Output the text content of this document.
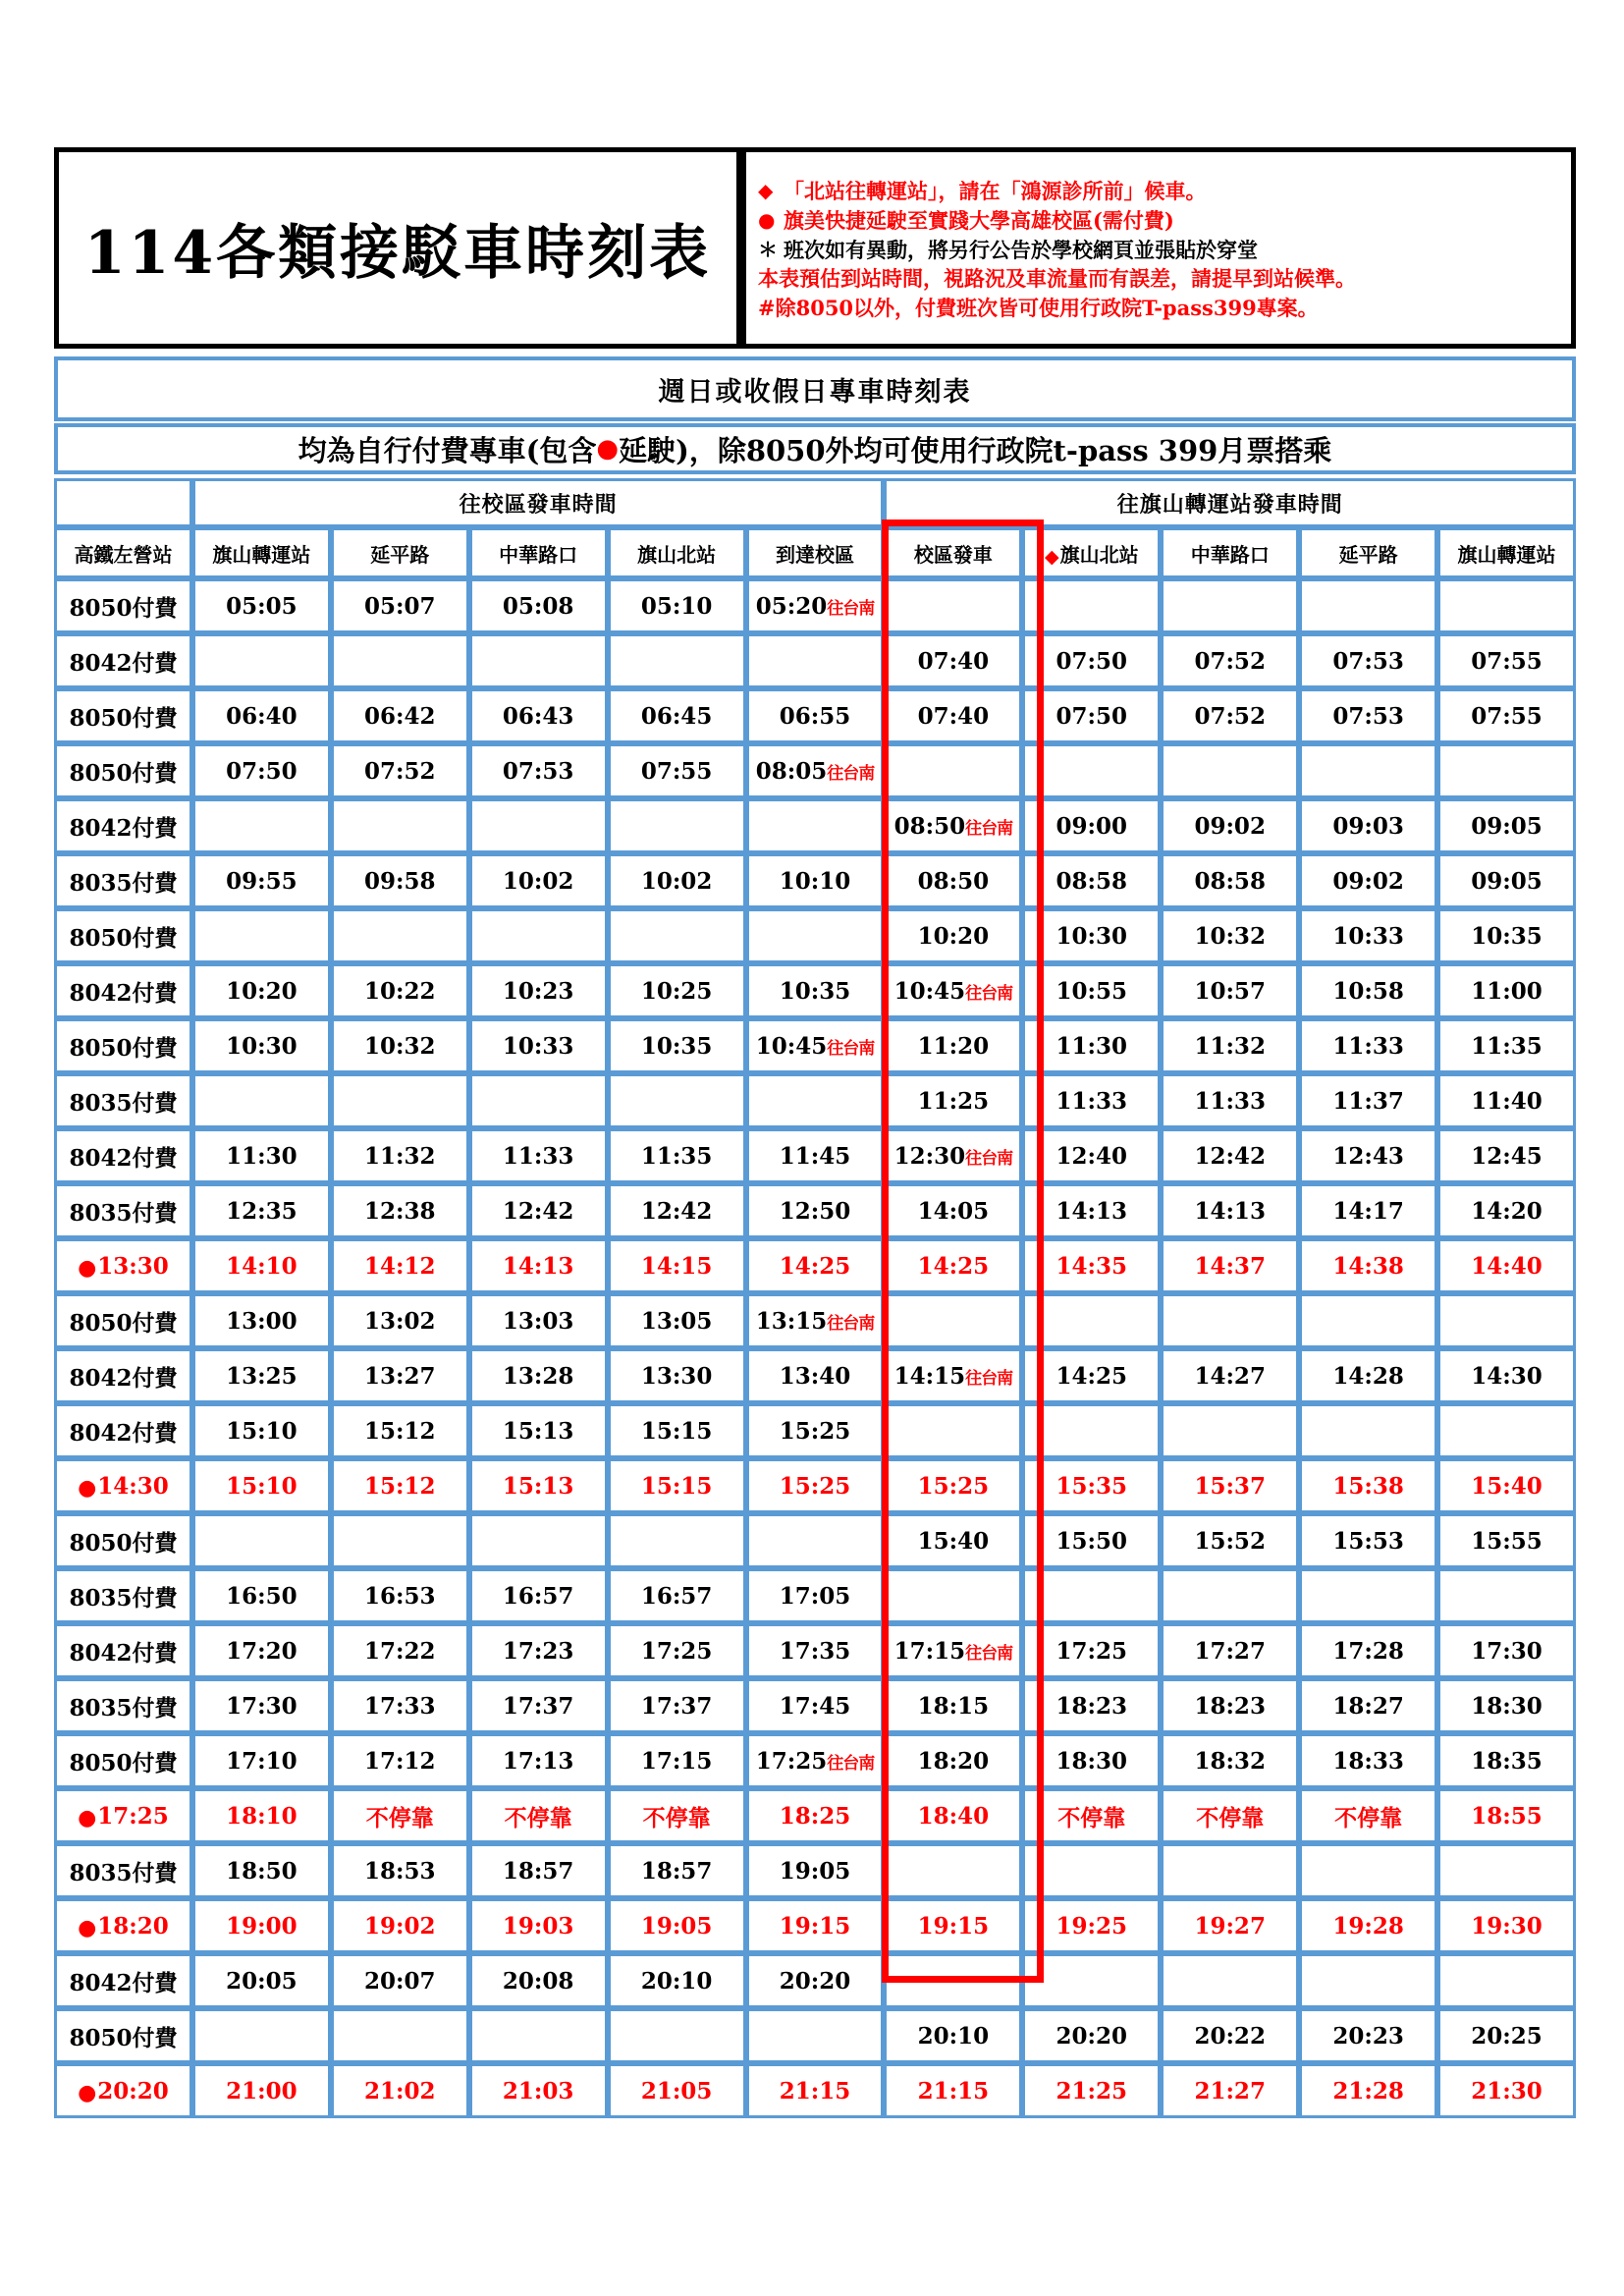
114各類接駁車時刻表
◆ 「北站往轉運站」，請在「鴻源診所前」候車。
● 旗美快捷延駛至實踐大學高雄校區(需付費)
＊ 班次如有異動，將另行公告於學校網頁並張貼於穿堂
本表預估到站時間，視路況及車流量而有誤差，請提早到站候準。
#除8050以外，付費班次皆可使用行政院T-pass399專案。
週日或收假日專車時刻表
均為自行付費專車(包含 ● 延駛)，除8050外均可使用行政院t-pass 399月票搭乘
	往校區發車時間					往旗山轉運站發車時間				
高鐵左營站	旗山轉運站	延平路	中華路口	旗山北站	到達校區	校區發車	◆旗山北站	中華路口	延平路	旗山轉運站
8050付費	05:05	05:07	05:08	05:10	05:20往台南					
8042付費						07:40	07:50	07:52	07:53	07:55
8050付費	06:40	06:42	06:43	06:45	06:55	07:40	07:50	07:52	07:53	07:55
8050付費	07:50	07:52	07:53	07:55	08:05往台南					
8042付費						08:50往台南	09:00	09:02	09:03	09:05
8035付費	09:55	09:58	10:02	10:02	10:10	08:50	08:58	08:58	09:02	09:05
8050付費						10:20	10:30	10:32	10:33	10:35
8042付費	10:20	10:22	10:23	10:25	10:35	10:45往台南	10:55	10:57	10:58	11:00
8050付費	10:30	10:32	10:33	10:35	10:45往台南	11:20	11:30	11:32	11:33	11:35
8035付費						11:25	11:33	11:33	11:37	11:40
8042付費	11:30	11:32	11:33	11:35	11:45	12:30往台南	12:40	12:42	12:43	12:45
8035付費	12:35	12:38	12:42	12:42	12:50	14:05	14:13	14:13	14:17	14:20
●13:30	14:10	14:12	14:13	14:15	14:25	14:25	14:35	14:37	14:38	14:40
8050付費	13:00	13:02	13:03	13:05	13:15往台南					
8042付費	13:25	13:27	13:28	13:30	13:40	14:15往台南	14:25	14:27	14:28	14:30
8042付費	15:10	15:12	15:13	15:15	15:25					
●14:30	15:10	15:12	15:13	15:15	15:25	15:25	15:35	15:37	15:38	15:40
8050付費						15:40	15:50	15:52	15:53	15:55
8035付費	16:50	16:53	16:57	16:57	17:05					
8042付費	17:20	17:22	17:23	17:25	17:35	17:15往台南	17:25	17:27	17:28	17:30
8035付費	17:30	17:33	17:37	17:37	17:45	18:15	18:23	18:23	18:27	18:30
8050付費	17:10	17:12	17:13	17:15	17:25往台南	18:20	18:30	18:32	18:33	18:35
●17:25	18:10	不停靠	不停靠	不停靠	18:25	18:40	不停靠	不停靠	不停靠	18:55
8035付費	18:50	18:53	18:57	18:57	19:05					
●18:20	19:00	19:02	19:03	19:05	19:15	19:15	19:25	19:27	19:28	19:30
8042付費	20:05	20:07	20:08	20:10	20:20					
8050付費						20:10	20:20	20:22	20:23	20:25
●20:20	21:00	21:02	21:03	21:05	21:15	21:15	21:25	21:27	21:28	21:30
